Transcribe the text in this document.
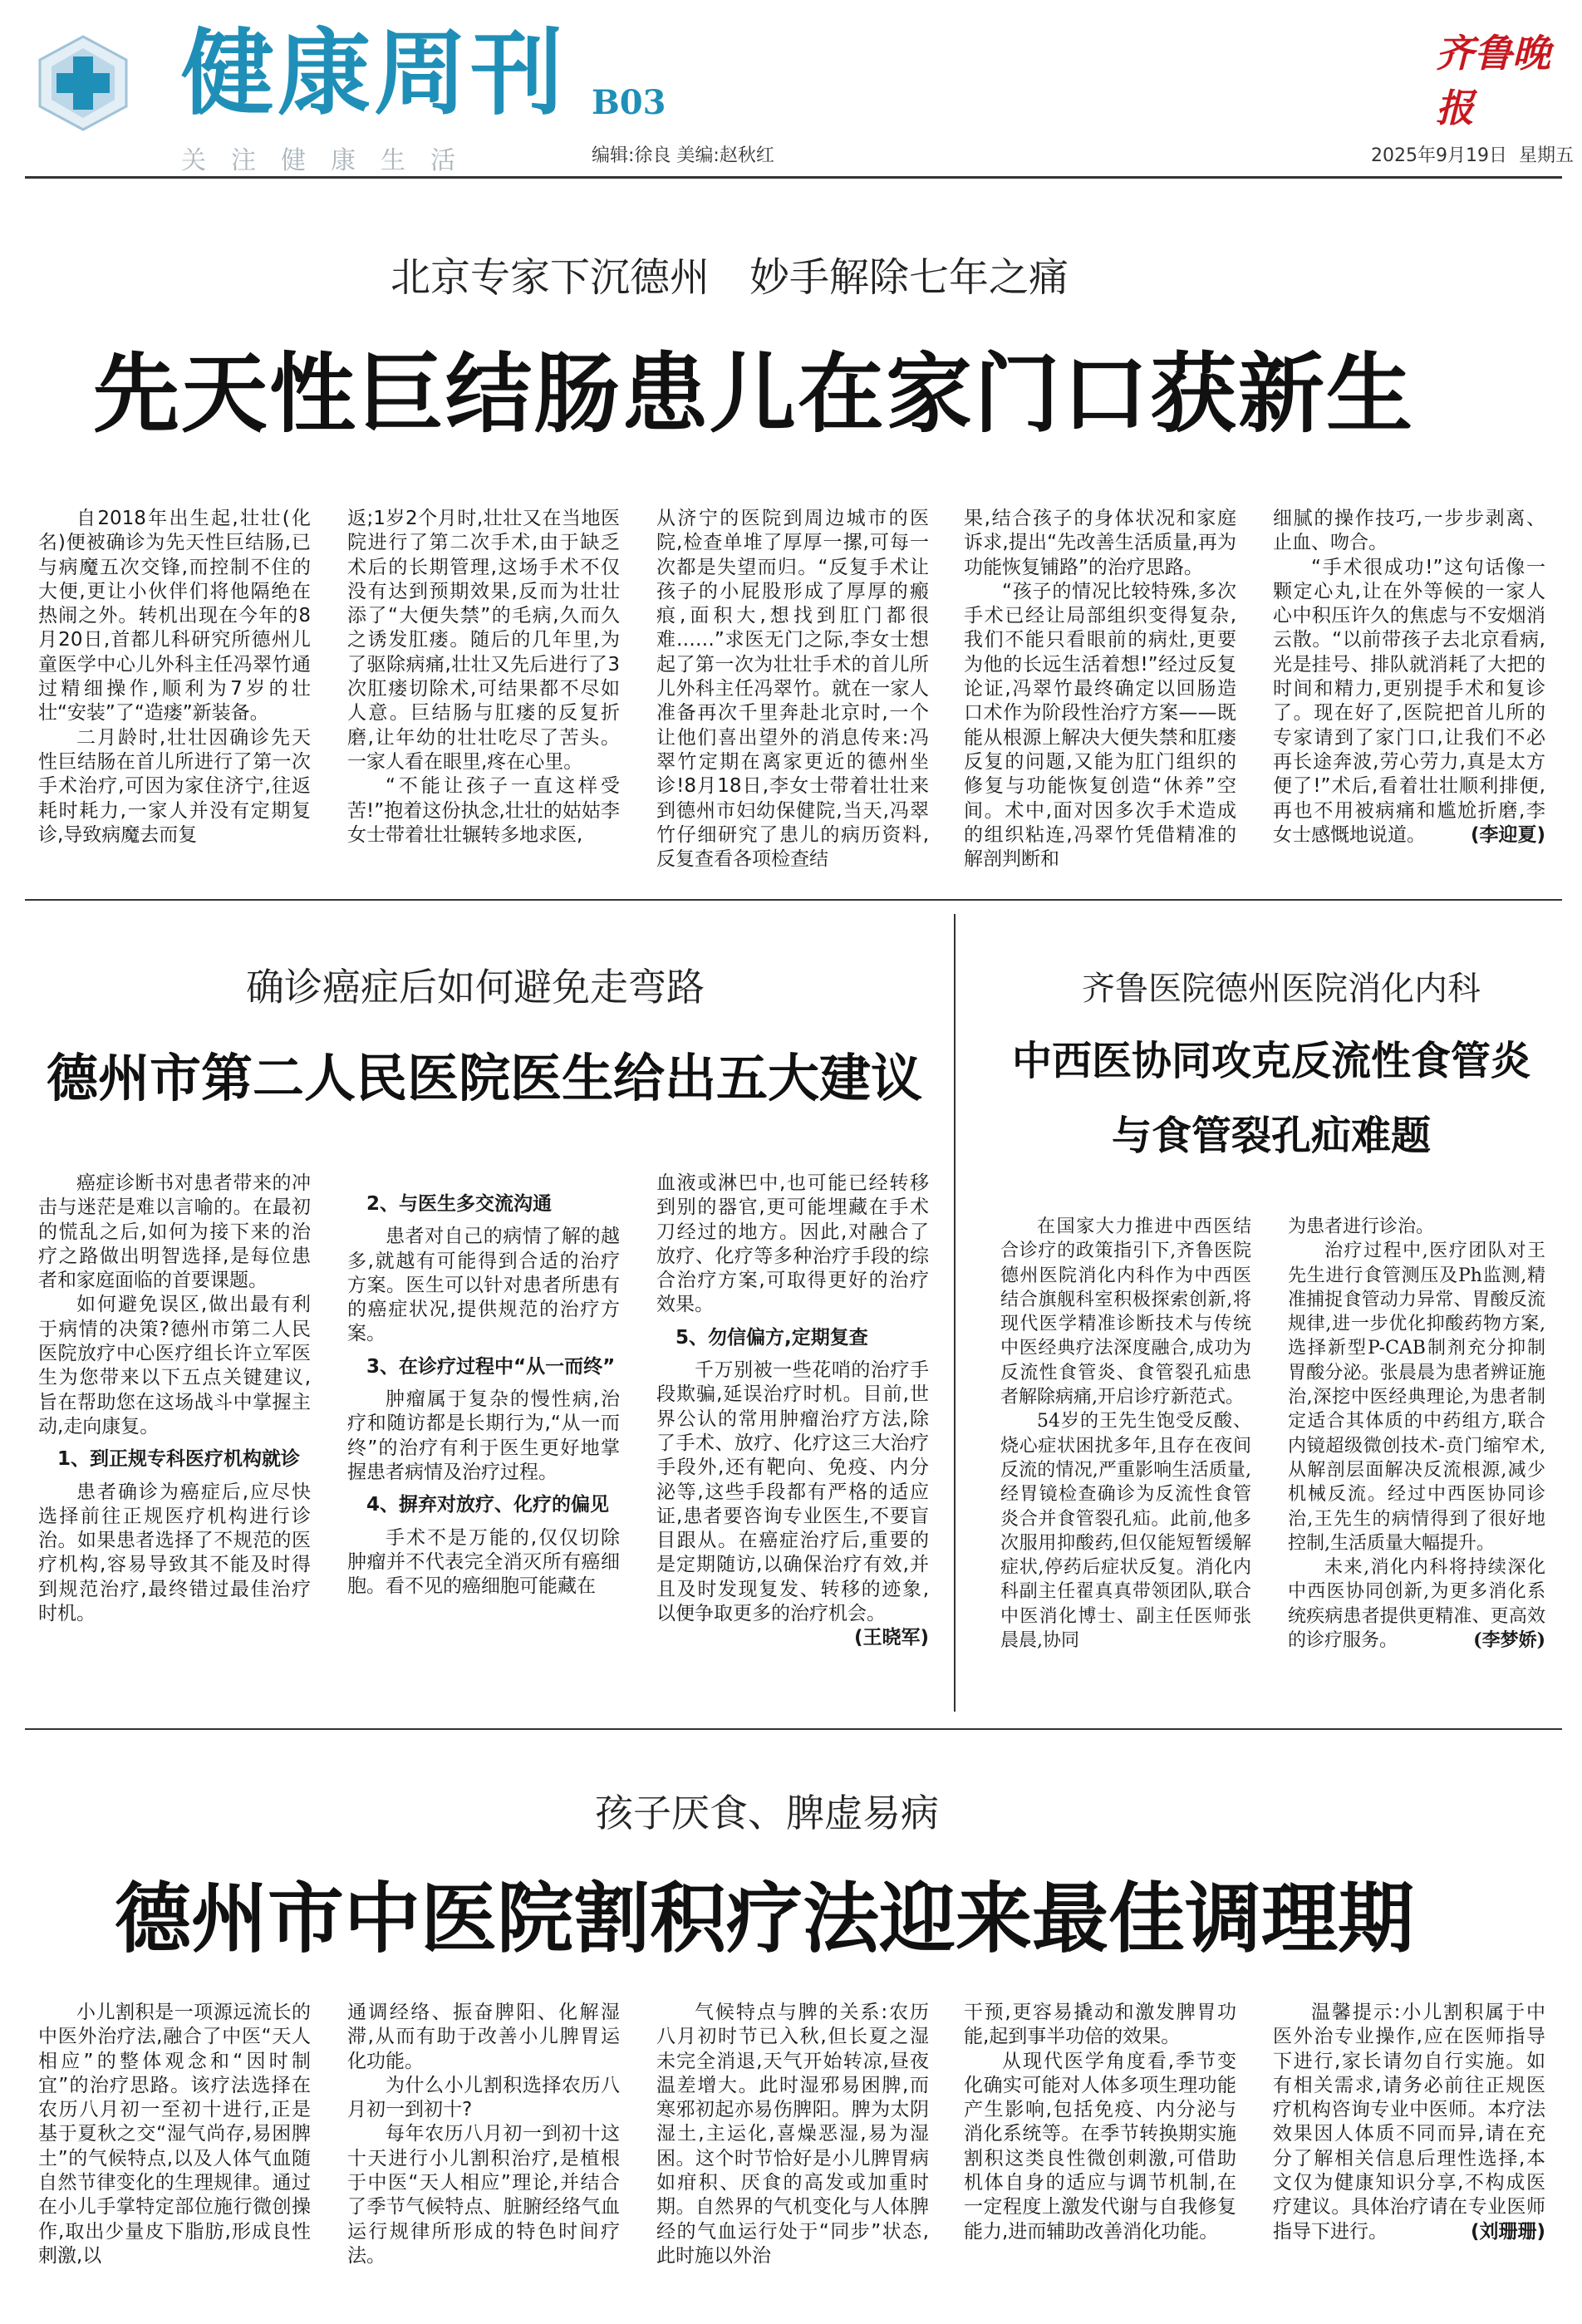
健康周刊 B03
关注健康生活	编辑:徐良 美编:赵秋红
齐鲁晚报
2025年9月19日 星期五
北京专家下沉德州　妙手解除七年之痛
先天性巨结肠患儿在家门口获新生

自2018年出生起,壮壮(化名)便被确诊为先天性巨结肠,已与病魔五次交锋,而控制不住的大便,更让小伙伴们将他隔绝在热闹之外。转机出现在今年的8月20日,首都儿科研究所德州儿童医学中心儿外科主任冯翠竹通过精细操作,顺利为7岁的壮壮“安装”了“造瘘”新装备。

二月龄时,壮壮因确诊先天性巨结肠在首儿所进行了第一次手术治疗,可因为家住济宁,往返耗时耗力,一家人并没有定期复诊,导致病魔去而复

返;1岁2个月时,壮壮又在当地医院进行了第二次手术,由于缺乏术后的长期管理,这场手术不仅没有达到预期效果,反而为壮壮添了“大便失禁”的毛病,久而久之诱发肛瘘。随后的几年里,为了驱除病痛,壮壮又先后进行了3次肛瘘切除术,可结果都不尽如人意。巨结肠与肛瘘的反复折磨,让年幼的壮壮吃尽了苦头。一家人看在眼里,疼在心里。

“不能让孩子一直这样受苦!”抱着这份执念,壮壮的姑姑李女士带着壮壮辗转多地求医,

从济宁的医院到周边城市的医院,检查单堆了厚厚一摞,可每一次都是失望而归。“反复手术让孩子的小屁股形成了厚厚的瘢痕,面积大,想找到肛门都很难……”求医无门之际,李女士想起了第一次为壮壮手术的首儿所儿外科主任冯翠竹。就在一家人准备再次千里奔赴北京时,一个让他们喜出望外的消息传来:冯翠竹定期在离家更近的德州坐诊!8月18日,李女士带着壮壮来到德州市妇幼保健院,当天,冯翠竹仔细研究了患儿的病历资料,反复查看各项检查结

果,结合孩子的身体状况和家庭诉求,提出“先改善生活质量,再为功能恢复铺路”的治疗思路。

“孩子的情况比较特殊,多次手术已经让局部组织变得复杂,我们不能只看眼前的病灶,更要为他的长远生活着想!”经过反复论证,冯翠竹最终确定以回肠造口术作为阶段性治疗方案——既能从根源上解决大便失禁和肛瘘反复的问题,又能为肛门组织的修复与功能恢复创造“休养”空间。术中,面对因多次手术造成的组织粘连,冯翠竹凭借精准的解剖判断和

细腻的操作技巧,一步步剥离、止血、吻合。

“手术很成功!”这句话像一颗定心丸,让在外等候的一家人心中积压许久的焦虑与不安烟消云散。“以前带孩子去北京看病,光是挂号、排队就消耗了大把的时间和精力,更别提手术和复诊了。现在好了,医院把首儿所的专家请到了家门口,让我们不必再长途奔波,劳心劳力,真是太方便了!”术后,看着壮壮顺利排便,再也不用被病痛和尴尬折磨,李女士感慨地说道。	(李迎夏)

确诊癌症后如何避免走弯路
德州市第二人民医院医生给出五大建议

癌症诊断书对患者带来的冲击与迷茫是难以言喻的。在最初的慌乱之后,如何为接下来的治疗之路做出明智选择,是每位患者和家庭面临的首要课题。

如何避免误区,做出最有利于病情的决策?德州市第二人民医院放疗中心医疗组长许立军医生为您带来以下五点关键建议,旨在帮助您在这场战斗中掌握主动,走向康复。

1、到正规专科医疗机构就诊

患者确诊为癌症后,应尽快选择前往正规医疗机构进行诊治。如果患者选择了不规范的医疗机构,容易导致其不能及时得到规范治疗,最终错过最佳治疗时机。

2、与医生多交流沟通

患者对自己的病情了解的越多,就越有可能得到合适的治疗方案。医生可以针对患者所患有的癌症状况,提供规范的治疗方案。

3、在诊疗过程中“从一而终”

肿瘤属于复杂的慢性病,治疗和随访都是长期行为,“从一而终”的治疗有利于医生更好地掌握患者病情及治疗过程。

4、摒弃对放疗、化疗的偏见

手术不是万能的,仅仅切除肿瘤并不代表完全消灭所有癌细胞。看不见的癌细胞可能藏在

血液或淋巴中,也可能已经转移到别的器官,更可能埋藏在手术刀经过的地方。因此,对融合了放疗、化疗等多种治疗手段的综合治疗方案,可取得更好的治疗效果。

5、勿信偏方,定期复查

千万别被一些花哨的治疗手段欺骗,延误治疗时机。目前,世界公认的常用肿瘤治疗方法,除了手术、放疗、化疗这三大治疗手段外,还有靶向、免疫、内分泌等,这些手段都有严格的适应证,患者要咨询专业医生,不要盲目跟从。在癌症治疗后,重要的是定期随访,以确保治疗有效,并且及时发现复发、转移的迹象,以便争取更多的治疗机会。
(王晓军)

齐鲁医院德州医院消化内科
中西医协同攻克反流性食管炎
与食管裂孔疝难题

在国家大力推进中西医结合诊疗的政策指引下,齐鲁医院德州医院消化内科作为中西医结合旗舰科室积极探索创新,将现代医学精准诊断技术与传统中医经典疗法深度融合,成功为反流性食管炎、食管裂孔疝患者解除病痛,开启诊疗新范式。

54岁的王先生饱受反酸、烧心症状困扰多年,且存在夜间反流的情况,严重影响生活质量,经胃镜检查确诊为反流性食管炎合并食管裂孔疝。此前,他多次服用抑酸药,但仅能短暂缓解症状,停药后症状反复。消化内科副主任翟真真带领团队,联合中医消化博士、副主任医师张晨晨,协同

为患者进行诊治。

治疗过程中,医疗团队对王先生进行食管测压及Ph监测,精准捕捉食管动力异常、胃酸反流规律,进一步优化抑酸药物方案,选择新型P-CAB制剂充分抑制胃酸分泌。张晨晨为患者辨证施治,深挖中医经典理论,为患者制定适合其体质的中药组方,联合内镜超级微创技术-贲门缩窄术,从解剖层面解决反流根源,减少机械反流。经过中西医协同诊治,王先生的病情得到了很好地控制,生活质量大幅提升。

未来,消化内科将持续深化中西医协同创新,为更多消化系统疾病患者提供更精准、更高效的诊疗服务。	(李梦娇)

孩子厌食、脾虚易病
德州市中医院割积疗法迎来最佳调理期

小儿割积是一项源远流长的中医外治疗法,融合了中医“天人相应”的整体观念和“因时制宜”的治疗思路。该疗法选择在农历八月初一至初十进行,正是基于夏秋之交“湿气尚存,易困脾土”的气候特点,以及人体气血随自然节律变化的生理规律。通过在小儿手掌特定部位施行微创操作,取出少量皮下脂肪,形成良性刺激,以

通调经络、振奋脾阳、化解湿滞,从而有助于改善小儿脾胃运化功能。

为什么小儿割积选择农历八月初一到初十?

每年农历八月初一到初十这十天进行小儿割积治疗,是植根于中医“天人相应”理论,并结合了季节气候特点、脏腑经络气血运行规律所形成的特色时间疗法。

气候特点与脾的关系:农历八月初时节已入秋,但长夏之湿未完全消退,天气开始转凉,昼夜温差增大。此时湿邪易困脾,而寒邪初起亦易伤脾阳。脾为太阴湿土,主运化,喜燥恶湿,易为湿困。这个时节恰好是小儿脾胃病如疳积、厌食的高发或加重时期。自然界的气机变化与人体脾经的气血运行处于“同步”状态,此时施以外治

干预,更容易撬动和激发脾胃功能,起到事半功倍的效果。

从现代医学角度看,季节变化确实可能对人体多项生理功能产生影响,包括免疫、内分泌与消化系统等。在季节转换期实施割积这类良性微创刺激,可借助机体自身的适应与调节机制,在一定程度上激发代谢与自我修复能力,进而辅助改善消化功能。

温馨提示:小儿割积属于中医外治专业操作,应在医师指导下进行,家长请勿自行实施。如有相关需求,请务必前往正规医疗机构咨询专业中医师。本疗法效果因人体质不同而异,请在充分了解相关信息后理性选择,本文仅为健康知识分享,不构成医疗建议。具体治疗请在专业医师指导下进行。	(刘珊珊)
